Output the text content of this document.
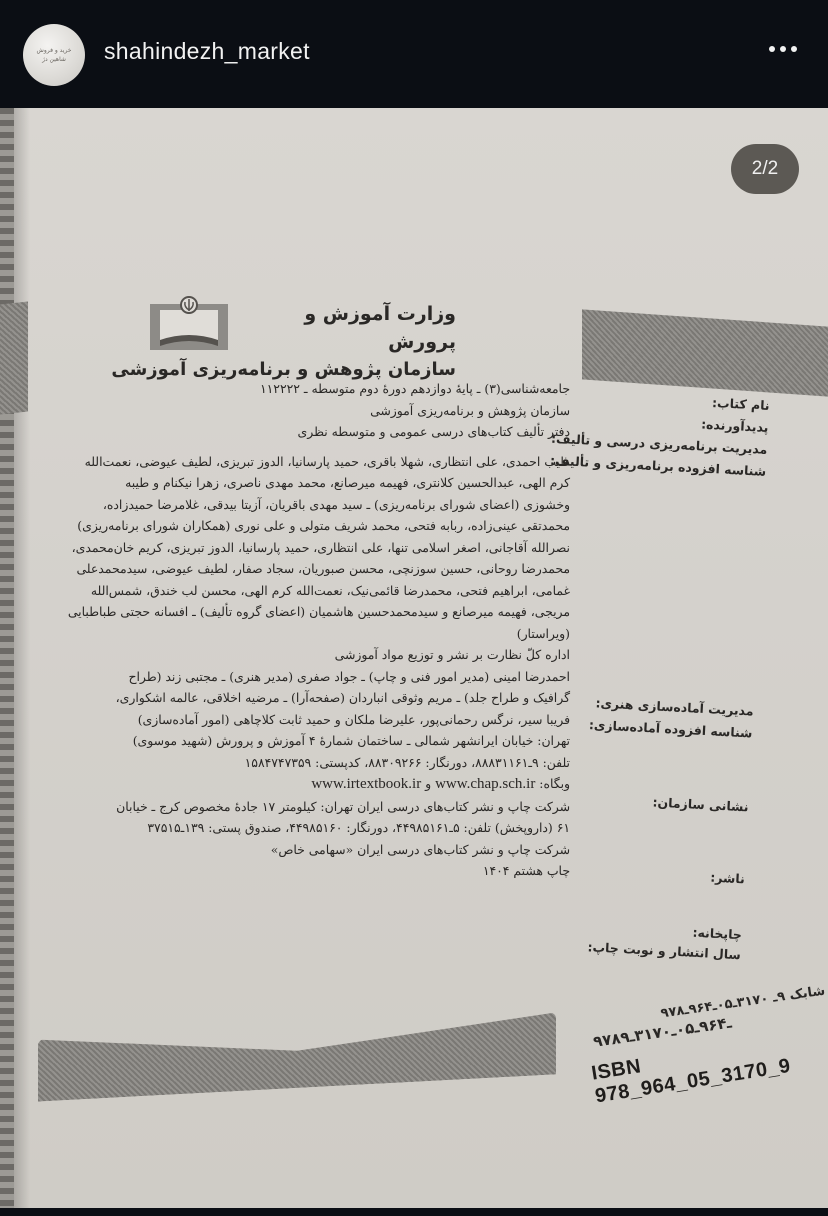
خرید و فروش
شاهین دژ shahindezh_market
2/2
وزارت آموزش و پرورش
سازمان پژوهش و برنامه‌ریزی آموزشی
نام کتاب:
پدیدآورنده:
مدیریت برنامه‌ریزی درسی و تألیف:
شناسه افزوده برنامه‌ریزی و تألیف:
مدیریت آماده‌سازی هنری:
شناسه افزوده آماده‌سازی:
نشانی سازمان:
ناشر:
چاپخانه:
سال انتشار و نوبت چاپ:
جامعه‌شناسی(۳) ـ پایهٔ دوازدهم دورهٔ دوم متوسطه ـ ۱۱۲۲۲۲
سازمان پژوهش و برنامه‌ریزی آموزشی
دفتر تألیف کتاب‌های درسی عمومی و متوسطه نظری
طیب احمدی، علی انتظاری، شهلا باقری، حمید پارسانیا، الدوز تبریزی، لطیف عیوضی، نعمت‌الله
کرم الهی، عبدالحسین کلانتری، فهیمه میرصانع، محمد مهدی ناصری، زهرا نیکنام و طیبه
وخشوزی (اعضای شورای برنامه‌ریزی) ـ سید مهدی باقریان، آزیتا بیدقی، غلامرضا حمیدزاده،
محمدتقی عینی‌زاده، ربابه فتحی، محمد شریف متولی و علی نوری (همکاران شورای برنامه‌ریزی)
نصرالله آقاجانی، اصغر اسلامی تنها، علی انتظاری، حمید پارسانیا، الدوز تبریزی، کریم خان‌محمدی،
محمدرضا روحانی، حسین سوزنچی، محسن صبوریان، سجاد صفار، لطیف عیوضی، سیدمحمدعلی
غمامی، ابراهیم فتحی، محمدرضا قائمی‌نیک، نعمت‌الله کرم الهی، محسن لب خندق، شمس‌الله
مریجی، فهیمه میرصانع و سیدمحمدحسین هاشمیان (اعضای گروه تألیف) ـ افسانه حجتی طباطبایی
(ویراستار)
اداره کلّ نظارت بر نشر و توزیع مواد آموزشی
احمدرضا امینی (مدیر امور فنی و چاپ) ـ جواد صفری (مدیر هنری) ـ مجتبی زند (طراح
گرافیک و طراح جلد) ـ مریم وثوقی انباردان (صفحه‌آرا) ـ مرضیه اخلاقی، عالمه اشکواری،
فریبا سیر، نرگس رحمانی‌پور، علیرضا ملکان و حمید ثابت کلاچاهی (امور آماده‌سازی)
تهران: خیابان ایرانشهر شمالی ـ ساختمان شمارهٔ ۴ آموزش و پرورش (شهید موسوی)
تلفن: ۹ـ۸۸۸۳۱۱۶۱، دورنگار: ۸۸۳۰۹۲۶۶، کدپستی: ۱۵۸۴۷۴۷۳۵۹
وبگاه: www.chap.sch.ir و www.irtextbook.ir
شرکت چاپ و نشر کتاب‌های درسی ایران تهران: کیلومتر ۱۷ جادهٔ مخصوص کرج ـ خیابان
۶۱ (داروپخش) تلفن: ۵ـ۴۴۹۸۵۱۶۱، دورنگار: ۴۴۹۸۵۱۶۰، صندوق پستی: ۱۳۹ـ۳۷۵۱۵
شرکت چاپ و نشر کتاب‌های درسی ایران «سهامی خاص»
چاپ هشتم ۱۴۰۴
شابک ۹ـ ۳۱۷۰ـ۰۵ـ۹۶۴ـ۹۷۸
۹۷۸ـ۹۶۴ـ۰۵ـ۳۱۷۰ـ۹
ISBN 978_964_05_3170_9
